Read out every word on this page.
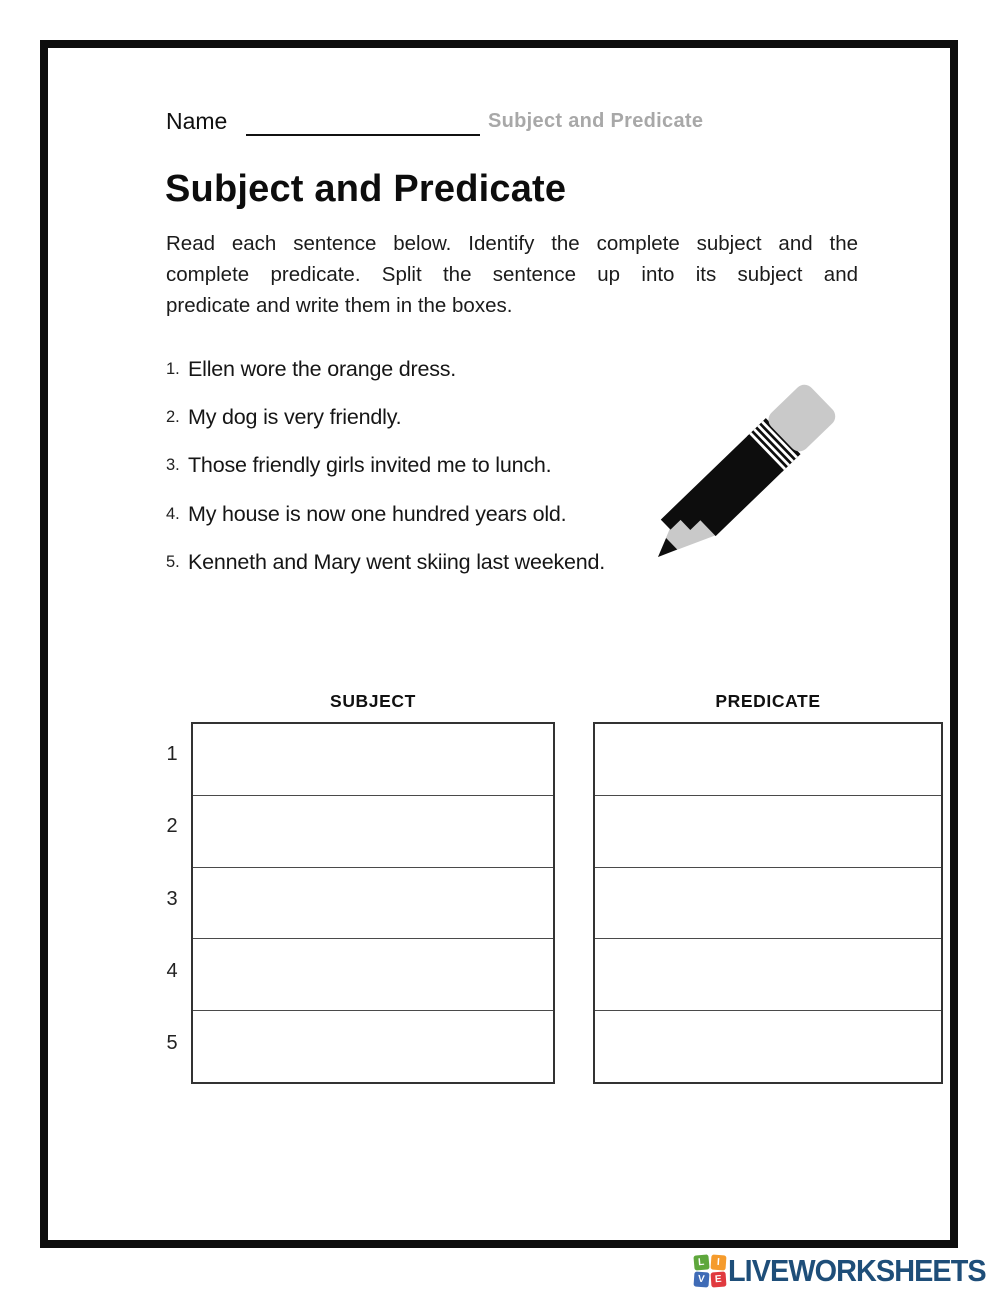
Name	Subject and Predicate
Subject and Predicate
Read each sentence below. Identify the complete subject and the
complete predicate. Split the sentence up into its subject and
predicate and write them in the boxes.
1. Ellen wore the orange dress.
2. My dog is very friendly.
3. Those friendly girls invited me to lunch.
4. My house is now one hundred years old.
5. Kenneth and Mary went skiing last weekend.
SUBJECT	PREDICATE
1
2
3
4
5
L	I
V E LIVEWORKSHEETS
